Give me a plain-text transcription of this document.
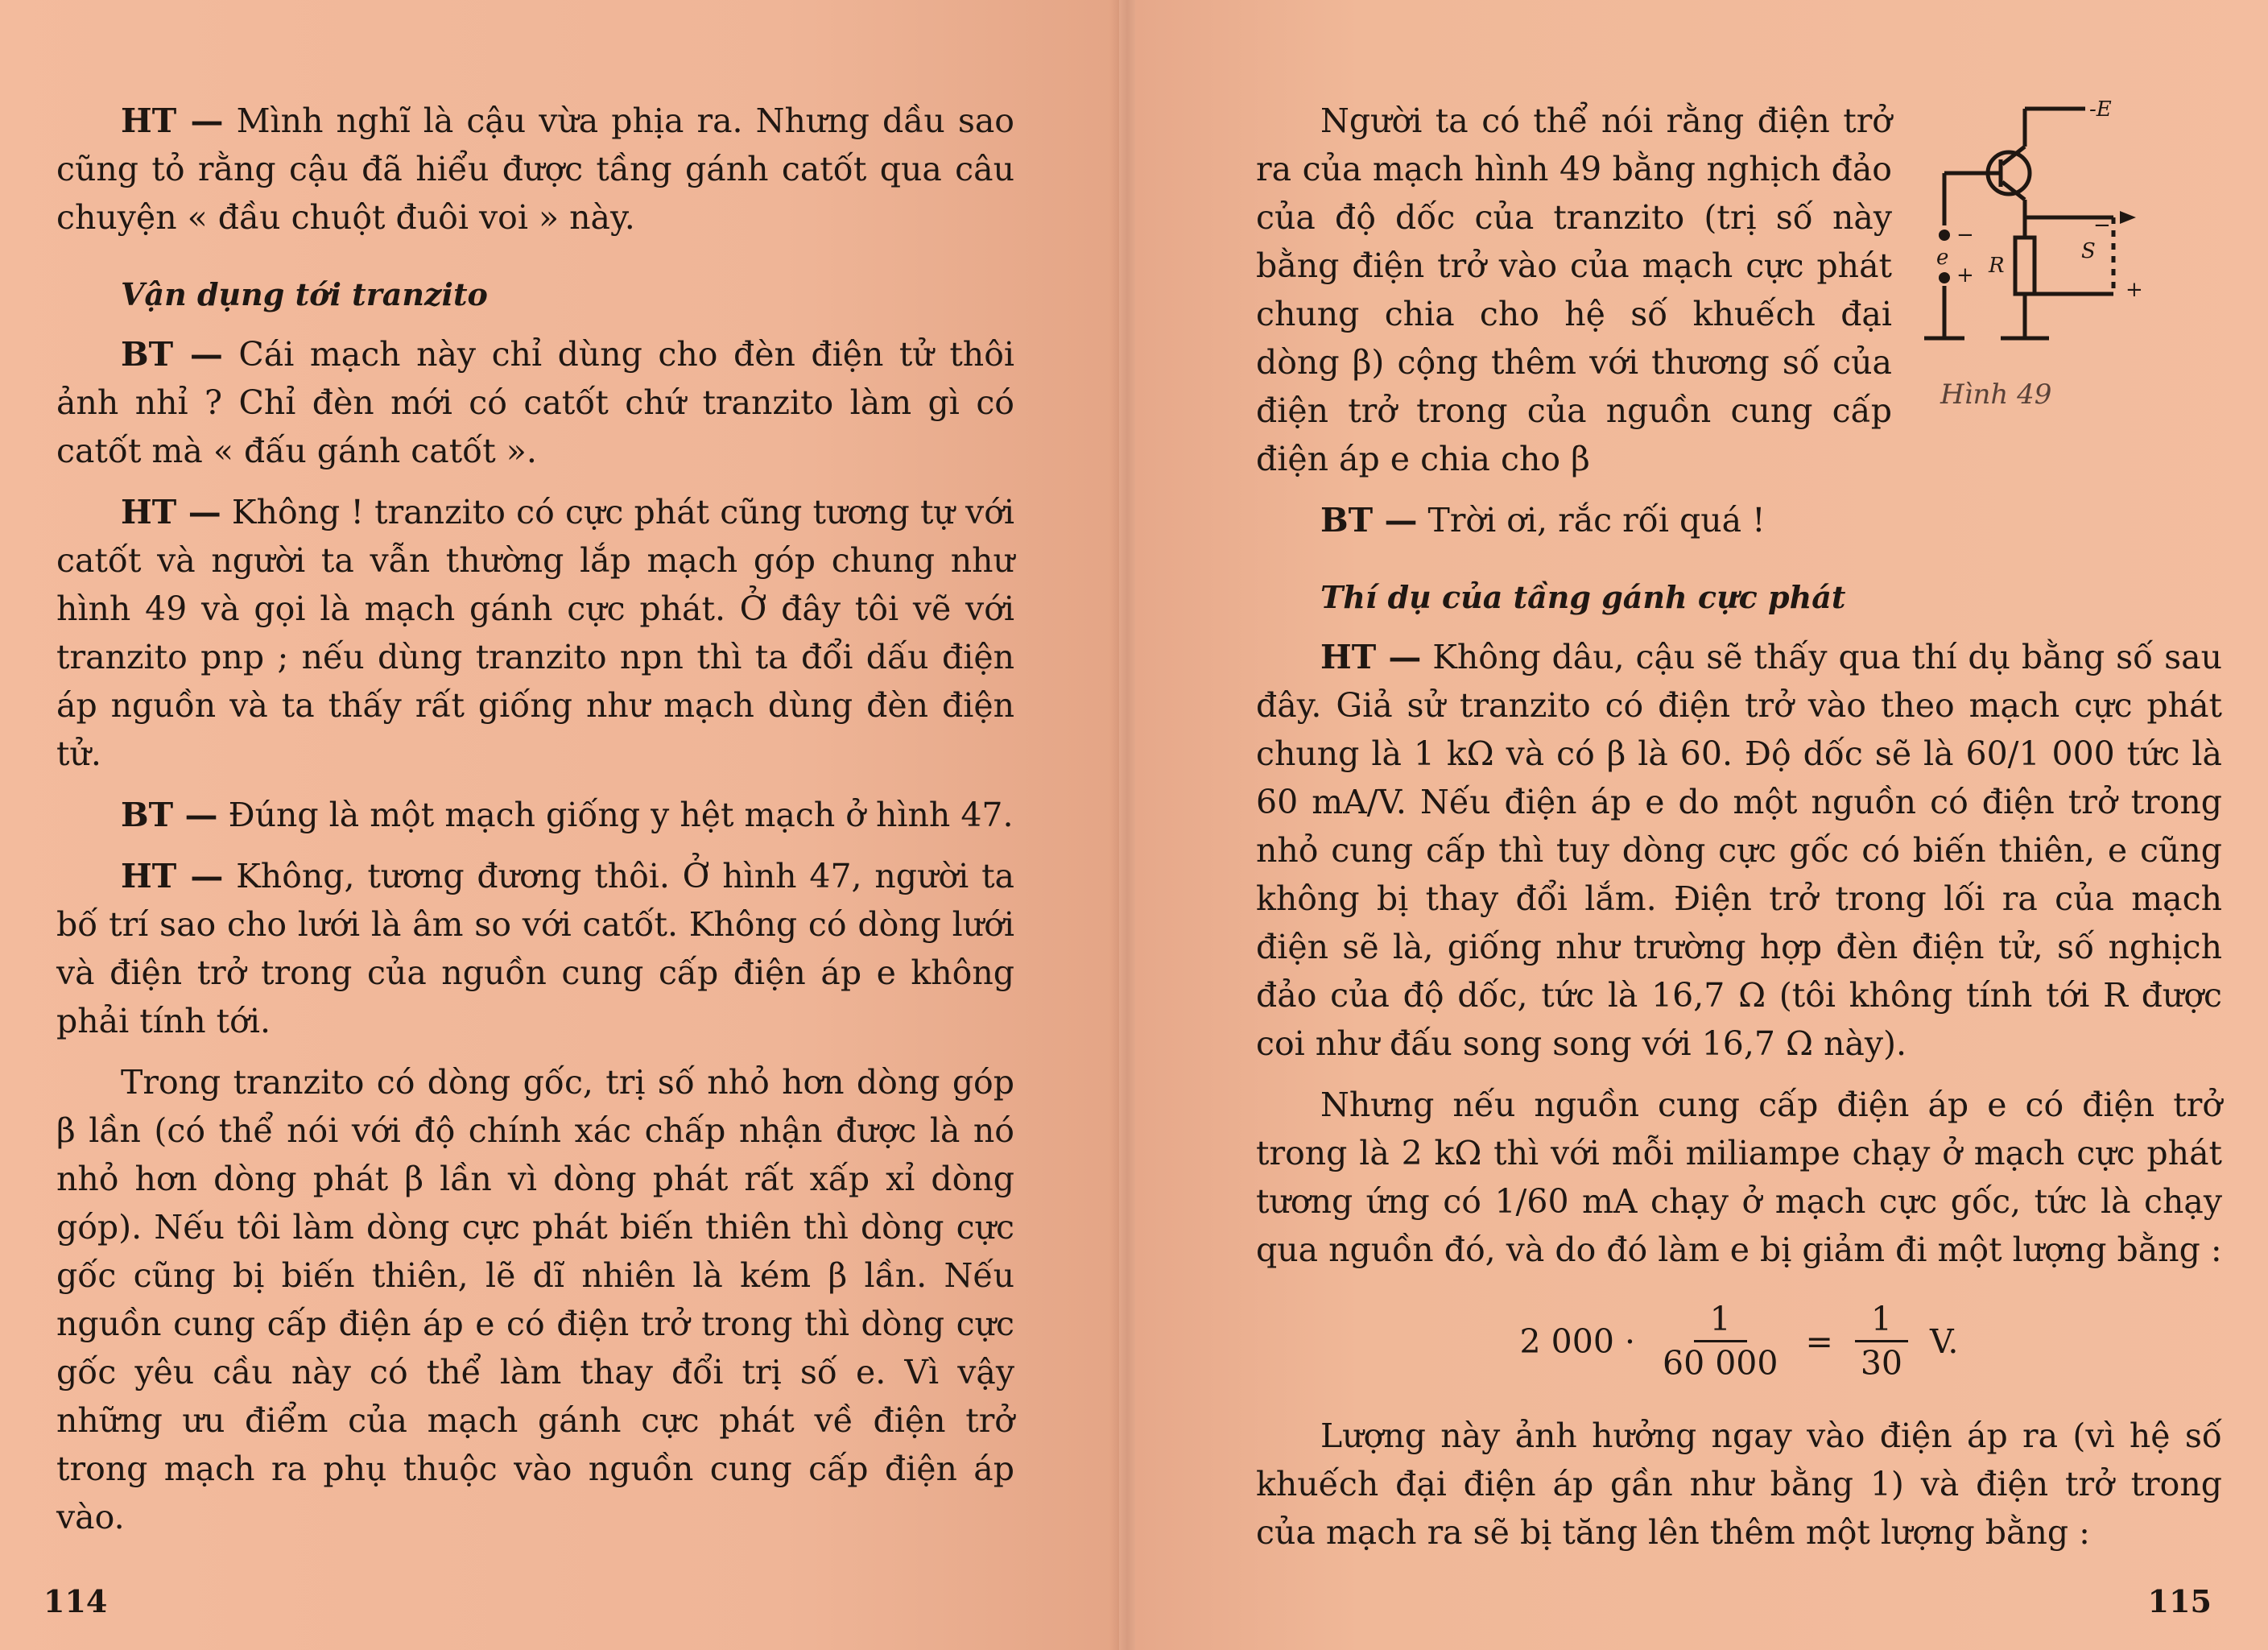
HT — Mình nghĩ là cậu vừa phịa ra. Nhưng dầu sao cũng tỏ rằng cậu đã hiểu được tầng gánh catốt qua câu chuyện « đầu chuột đuôi voi » này.

Vận dụng tới tranzito

BT — Cái mạch này chỉ dùng cho đèn điện tử thôi ảnh nhỉ ? Chỉ đèn mới có catốt chứ tranzito làm gì có catốt mà « đấu gánh catốt ».

HT — Không ! tranzito có cực phát cũng tương tự với catốt và người ta vẫn thường lắp mạch góp chung như hình 49 và gọi là mạch gánh cực phát. Ở đây tôi vẽ với tranzito pnp ; nếu dùng tranzito npn thì ta đổi dấu điện áp nguồn và ta thấy rất giống như mạch dùng đèn điện tử.

BT — Đúng là một mạch giống y hệt mạch ở hình 47.

HT — Không, tương đương thôi. Ở hình 47, người ta bố trí sao cho lưới là âm so với catốt. Không có dòng lưới và điện trở trong của nguồn cung cấp điện áp e không phải tính tới.

Trong tranzito có dòng gốc, trị số nhỏ hơn dòng góp β lần (có thể nói với độ chính xác chấp nhận được là nó nhỏ hơn dòng phát β lần vì dòng phát rất xấp xỉ dòng góp). Nếu tôi làm dòng cực phát biến thiên thì dòng cực gốc cũng bị biến thiên, lẽ dĩ nhiên là kém β lần. Nếu nguồn cung cấp điện áp e có điện trở trong thì dòng cực gốc yêu cầu này có thể làm thay đổi trị số e. Vì vậy những ưu điểm của mạch gánh cực phát về điện trở trong mạch ra phụ thuộc vào nguồn cung cấp điện áp vào.

114

Người ta có thể nói rằng điện trở ra của mạch hình 49 bằng nghịch đảo của độ dốc của tranzito (trị số này bằng điện trở vào của mạch cực phát chung chia cho hệ số khuếch đại dòng β) cộng thêm với thương số của điện trở trong của nguồn cung cấp điện áp e chia cho β

BT — Trời ơi, rắc rối quá !

Thí dụ của tầng gánh cực phát

HT — Không dâu, cậu sẽ thấy qua thí dụ bằng số sau đây. Giả sử tranzito có điện trở vào theo mạch cực phát chung là 1 kΩ và có β là 60. Độ dốc sẽ là 60/1 000 tức là 60 mA/V. Nếu điện áp e do một nguồn có điện trở trong nhỏ cung cấp thì tuy dòng cực gốc có biến thiên, e cũng không bị thay đổi lắm. Điện trở trong lối ra của mạch điện sẽ là, giống như trường hợp đèn điện tử, số nghịch đảo của độ dốc, tức là 16,7 Ω (tôi không tính tới R được coi như đấu song song với 16,7 Ω này).

Nhưng nếu nguồn cung cấp điện áp e có điện trở trong là 2 kΩ thì với mỗi miliampe chạy ở mạch cực phát tương ứng có 1/60 mA chạy ở mạch cực gốc, tức là chạy qua nguồn đó, và do đó làm e bị giảm đi một lượng bằng :

2 $000 \cdot \frac{1}{60 000} = \frac{1}{30} V$.

Lượng này ảnh hưởng ngay vào điện áp ra (vì hệ số khuếch đại điện áp gần như bằng 1) và điện trở trong của mạch ra sẽ bị tăng lên thêm một lượng bằng :

-E
−
e
+ R
S
−
+
Hình 49
115
